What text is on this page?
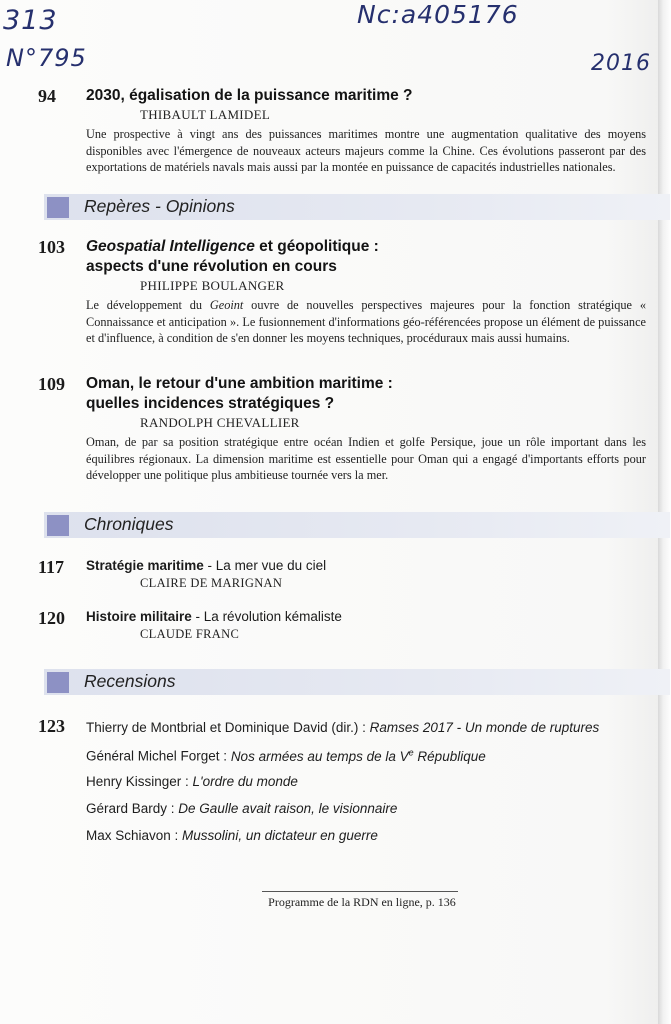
313	Nc:a405176
N°795	2016
94	2030, égalisation de la puissance maritime ?
THIBAULT LAMIDEL
Une prospective à vingt ans des puissances maritimes montre une augmentation qualitative des moyens disponibles avec l'émergence de nouveaux acteurs majeurs comme la Chine. Ces évolutions passeront par des exportations de matériels navals mais aussi par la montée en puissance de capacités industrielles nationales.
Repères - Opinions
103	Geospatial Intelligence et géopolitique :
aspects d'une révolution en cours
PHILIPPE BOULANGER
Le développement du Geoint ouvre de nouvelles perspectives majeures pour la fonction stratégique « Connaissance et anticipation ». Le fusionnement d'informations géo-référencées propose un élément de puissance et d'influence, à condition de s'en donner les moyens techniques, procéduraux mais aussi humains.
109	Oman, le retour d'une ambition maritime :
quelles incidences stratégiques ?
RANDOLPH CHEVALLIER
Oman, de par sa position stratégique entre océan Indien et golfe Persique, joue un rôle important dans les équilibres régionaux. La dimension maritime est essentielle pour Oman qui a engagé d'importants efforts pour développer une politique plus ambitieuse tournée vers la mer.
Chroniques
117	Stratégie maritime - La mer vue du ciel
CLAIRE DE MARIGNAN
120	Histoire militaire - La révolution kémaliste
CLAUDE FRANC
Recensions
123	Thierry de Montbrial et Dominique David (dir.) : Ramses 2017 - Un monde de ruptures
Général Michel Forget : Nos armées au temps de la Ve République
Henry Kissinger : L'ordre du monde
Gérard Bardy : De Gaulle avait raison, le visionnaire
Max Schiavon : Mussolini, un dictateur en guerre
Programme de la RDN en ligne, p. 136
